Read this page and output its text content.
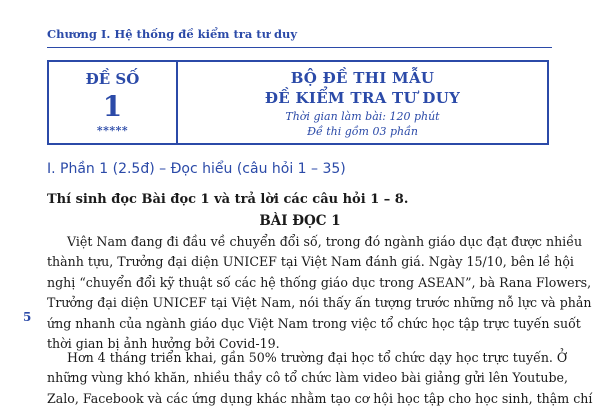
Chương I. Hệ thống đề kiểm tra tư duy
ĐỀ SỐ
1
*****
BỘ ĐỀ THI MẪU
ĐỀ KIỂM TRA TƯ DUY
Thời gian làm bài: 120 phút
Đề thi gồm 03 phần
I. Phần 1 (2.5đ) – Đọc hiểu (câu hỏi 1 – 35)
Thí sinh đọc Bài đọc 1 và trả lời các câu hỏi 1 – 8.
BÀI ĐỌC 1
5
Việt Nam đang đi đầu về chuyển đổi số, trong đó ngành giáo dục đạt được nhiều
thành tựu, Trưởng đại diện UNICEF tại Việt Nam đánh giá. Ngày 15/10, bên lề hội
nghị “chuyển đổi kỹ thuật số các hệ thống giáo dục trong ASEAN”, bà Rana Flowers,
Trưởng đại diện UNICEF tại Việt Nam, nói thấy ấn tượng trước những nỗ lực và phản
ứng nhanh của ngành giáo dục Việt Nam trong việc tổ chức học tập trực tuyến suốt
thời gian bị ảnh hưởng bởi Covid-19.
Hơn 4 tháng triển khai, gần 50% trường đại học tổ chức dạy học trực tuyến. Ở
những vùng khó khăn, nhiều thầy cô tổ chức làm video bài giảng gửi lên Youtube,
Zalo, Facebook và các ứng dụng khác nhằm tạo cơ hội học tập cho học sinh, thậm chí
